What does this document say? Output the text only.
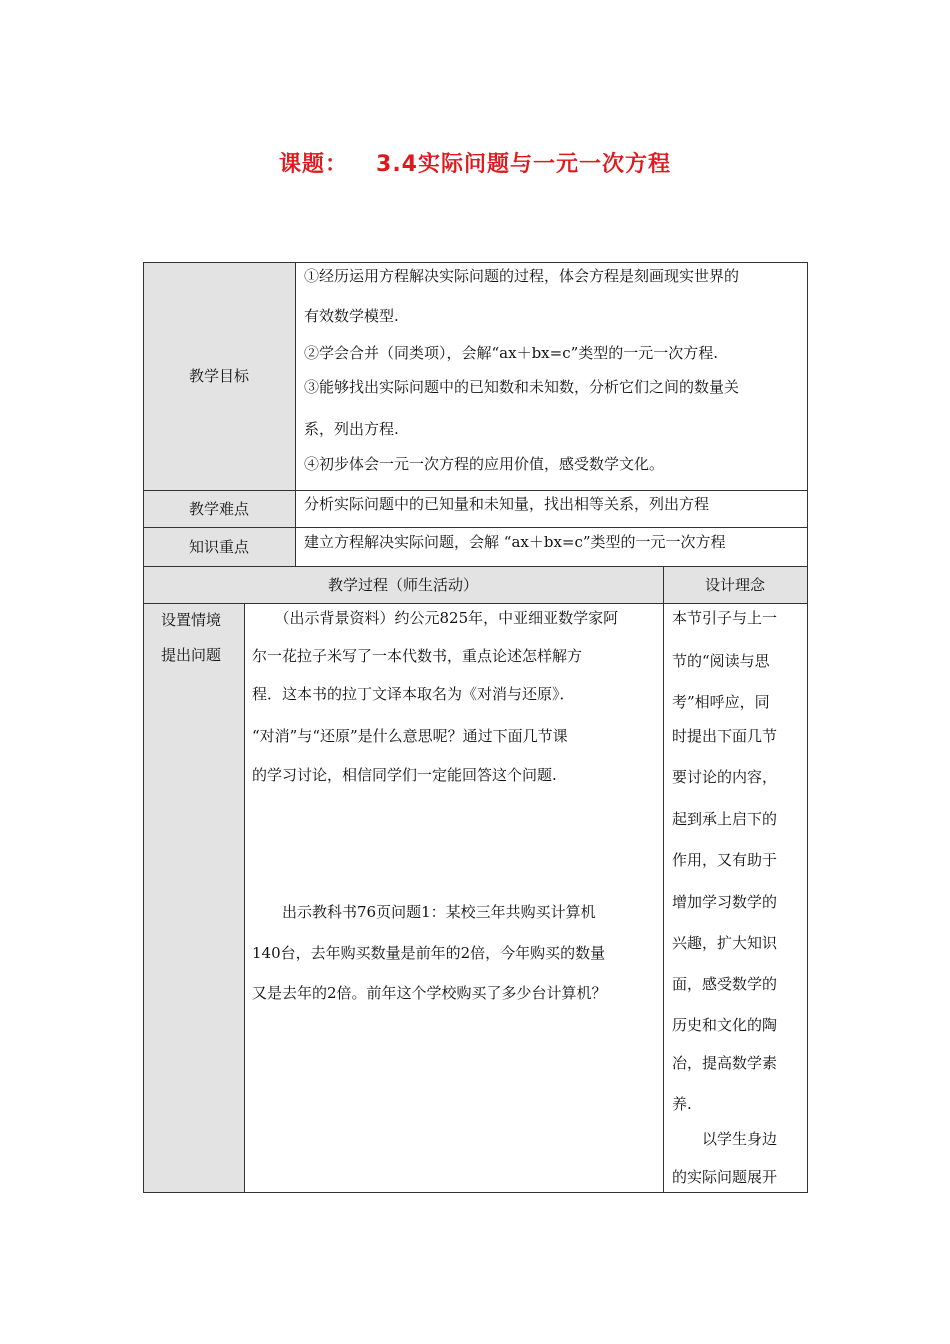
课题： 3.4实际问题与一元一次方程
教学目标
教学难点
知识重点
教学过程（师生活动）	设计理念
设置情境
提出问题
①经历运用方程解决实际问题的过程，体会方程是刻画现实世界的
有效数学模型.
②学会合并（同类项），会解“ax＋bx=c”类型的一元一次方程.
③能够找出实际问题中的已知数和未知数，分析它们之间的数量关
系，列出方程.
④初步体会一元一次方程的应用价值，感受数学文化。
分析实际问题中的已知量和未知量，找出相等关系，列出方程
建立方程解决实际问题，会解 “ax＋bx=c”类型的一元一次方程
　　（出示背景资料）约公元825年，中亚细亚数学家阿
尔一花拉子米写了一本代数书，重点论述怎样解方
程．这本书的拉丁文译本取名为《对消与还原》．
“对消”与“还原”是什么意思呢？通过下面几节课
的学习讨论，相信同学们一定能回答这个问题.
　　出示教科书76页问题1：某校三年共购买计算机
140台，去年购买数量是前年的2倍，今年购买的数量
又是去年的2倍。前年这个学校购买了多少台计算机？
本节引子与上一
节的“阅读与思
考”相呼应，同
时提出下面几节
要讨论的内容，
起到承上启下的
作用，又有助于
增加学习数学的
兴趣，扩大知识
面，感受数学的
历史和文化的陶
冶，提高数学素
养.
　　以学生身边
的实际问题展开
